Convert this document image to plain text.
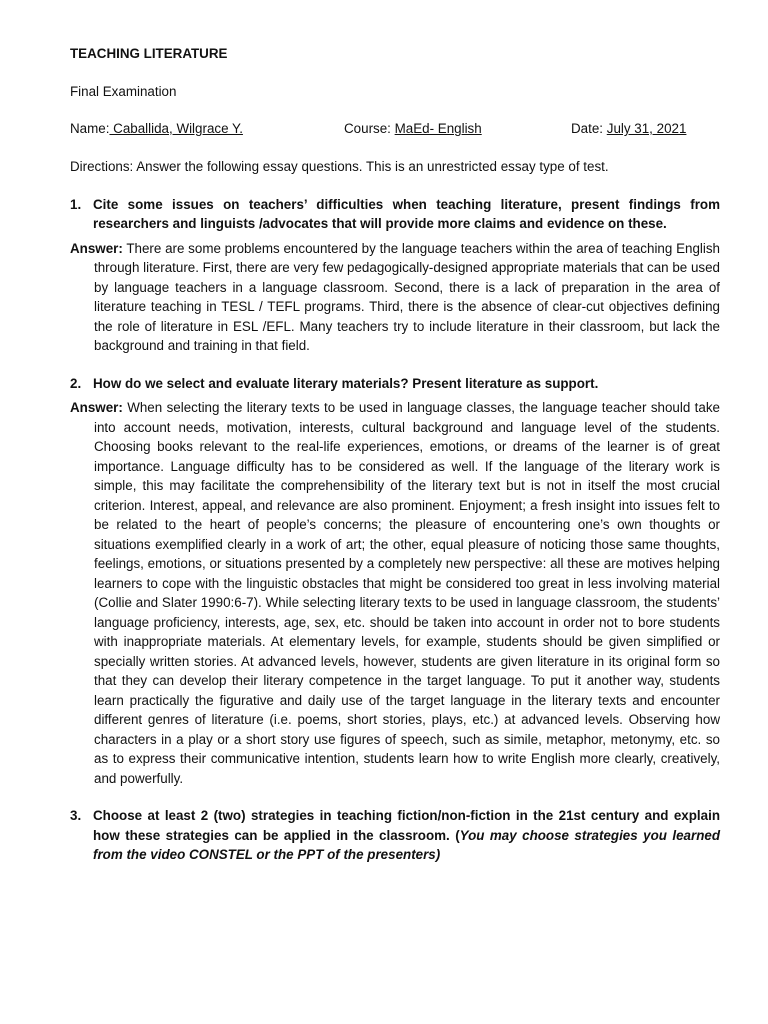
TEACHING LITERATURE

Final Examination

Name: Caballida, Wilgrace Y.	Course: MaEd- English	Date: July 31, 2021
Directions: Answer the following essay questions. This is an unrestricted essay type of test.
1. Cite some issues on teachers’ difficulties when teaching literature, present findings from researchers and linguists /advocates that will provide more claims and evidence on these.
Answer: There are some problems encountered by the language teachers within the area of teaching English through literature. First, there are very few pedagogically-designed appropriate materials that can be used by language teachers in a language classroom. Second, there is a lack of preparation in the area of literature teaching in TESL / TEFL programs. Third, there is the absence of clear-cut objectives defining the role of literature in ESL /EFL. Many teachers try to include literature in their classroom, but lack the background and training in that field.
2. How do we select and evaluate literary materials? Present literature as support.
Answer: When selecting the literary texts to be used in language classes, the language teacher should take into account needs, motivation, interests, cultural background and language level of the students. Choosing books relevant to the real-life experiences, emotions, or dreams of the learner is of great importance. Language difficulty has to be considered as well. If the language of the literary work is simple, this may facilitate the comprehensibility of the literary text but is not in itself the most crucial criterion. Interest, appeal, and relevance are also prominent. Enjoyment; a fresh insight into issues felt to be related to the heart of people’s concerns; the pleasure of encountering one’s own thoughts or situations exemplified clearly in a work of art; the other, equal pleasure of noticing those same thoughts, feelings, emotions, or situations presented by a completely new perspective: all these are motives helping learners to cope with the linguistic obstacles that might be considered too great in less involving material (Collie and Slater 1990:6-7). While selecting literary texts to be used in language classroom, the students’ language proficiency, interests, age, sex, etc. should be taken into account in order not to bore students with inappropriate materials. At elementary levels, for example, students should be given simplified or specially written stories. At advanced levels, however, students are given literature in its original form so that they can develop their literary competence in the target language. To put it another way, students learn practically the figurative and daily use of the target language in the literary texts and encounter different genres of literature (i.e. poems, short stories, plays, etc.) at advanced levels. Observing how characters in a play or a short story use figures of speech, such as simile, metaphor, metonymy, etc. so as to express their communicative intention, students learn how to write English more clearly, creatively, and powerfully.
3. Choose at least 2 (two) strategies in teaching fiction/non-fiction in the 21st century and explain how these strategies can be applied in the classroom. (You may choose strategies you learned from the video CONSTEL or the PPT of the presenters)
